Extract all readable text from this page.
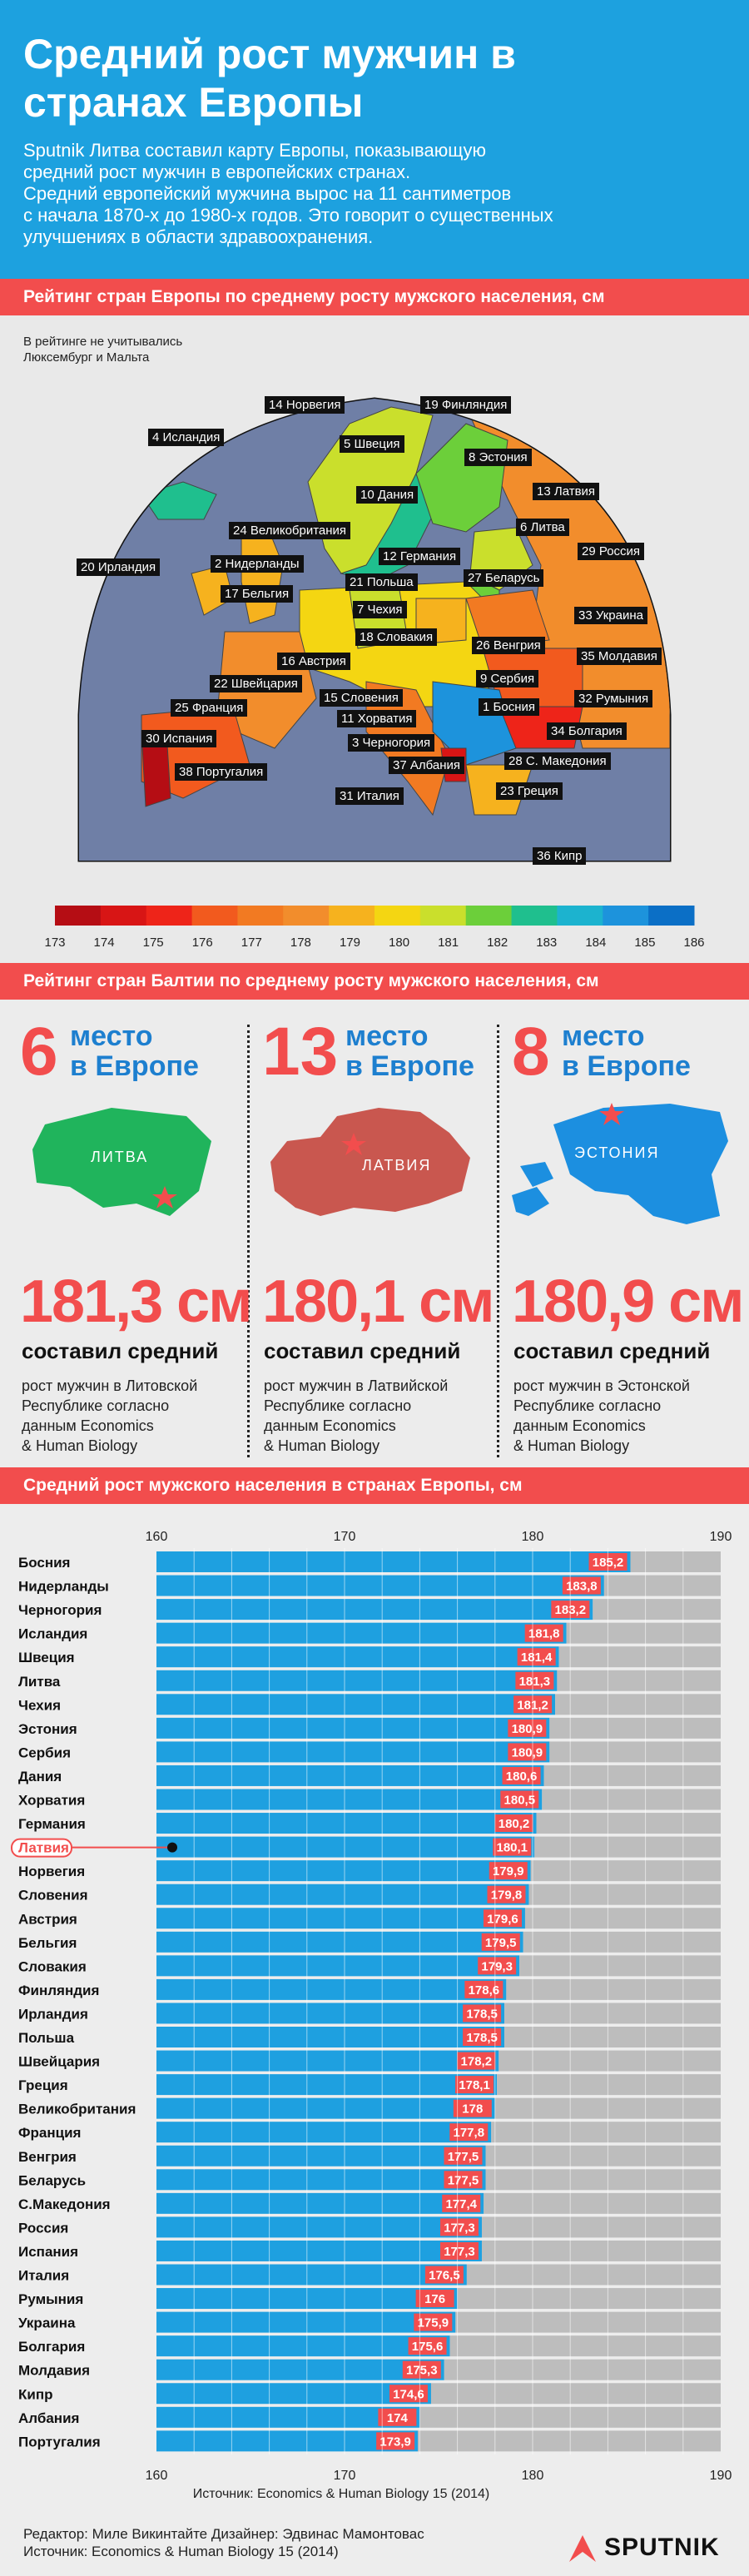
Средний рост мужчин в странах Европы
Sputnik Литва составил карту Европы, показывающую
средний рост мужчин в европейских странах.
Средний европейский мужчина вырос на 11 сантиметров
с начала 1870-х до 1980-х годов. Это говорит о существенных
улучшениях в области здравоохранения.
Рейтинг стран Европы по среднему росту мужского населения, см
В рейтинге не учитывались
Люксембург и Мальта
14 Норвегия	19 Финляндия
4 Исландия	5 Швеция
8 Эстония
10 Дания	13 Латвия
24 Великобритания	6 Литва
20 Ирландия	2 Нидерланды
12 Германия	29 Россия
27 Беларусь
17 Бельгия
21 Польша
7 Чехия	33 Украина
18 Словакия
26 Венгрия
16 Австрия	35 Молдавия
22 Швейцария	9 Сербия
15 Словения	32 Румыния
25 Франция
11 Хорватия
1 Босния
3 Черногория
34 Болгария
30 Испания
37 Албания	28 С. Македония
38 Португалия
23 Греция
31 Италия
36 Кипр
173	174	175	176	177	178	179	180	181	182	183	184	185	186
Рейтинг стран Балтии по среднему росту мужского населения, см
6 место
в Европе
ЛИТВА
181,3 см
составил средний
рост мужчин в Литовской
Республике согласно
данным Economics
& Human Biology
13 место
в Европе
ЛАТВИЯ
180,1 см
составил средний
рост мужчин в Латвийской
Республике согласно
данным Economics
& Human Biology
8 место
в Европе
ЭСТОНИЯ
180,9 см
составил средний
рост мужчин в Эстонской
Республике согласно
данным Economics
& Human Biology
Средний рост мужского населения в странах Европы, см
160
160
170
170
180
180
190
190
185,2
Босния
183,8
Нидерланды
183,2
Черногория
181,8
Исландия
181,4
Швеция
181,3
Литва
181,2
Чехия
180,9
Эстония
180,9
Сербия
180,6
Дания
180,5
Хорватия
180,2
Германия
180,1
Латвия
179,9
Норвегия
179,8
Словения
179,6
Австрия
179,5
Бельгия
179,3
Словакия
178,6
Финляндия
178,5
Ирландия
178,5
Польша
178,2
Швейцария
178,1
Греция
178
Великобритания
177,8
Франция
177,5
Венгрия
177,5
Беларусь
177,4
С.Македония
177,3
Россия
177,3
Испания
176,5
Италия
176
Румыния
175,9
Украина
175,6
Болгария
175,3
Молдавия
174,6
Кипр
174
Албания
173,9
Португалия
Источник: Economics & Human Biology 15 (2014)
Редактор: Миле Викинтайте Дизайнер: Эдвинас Мамонтовас
Источник: Economics & Human Biology 15 (2014)	SPUTNIK
